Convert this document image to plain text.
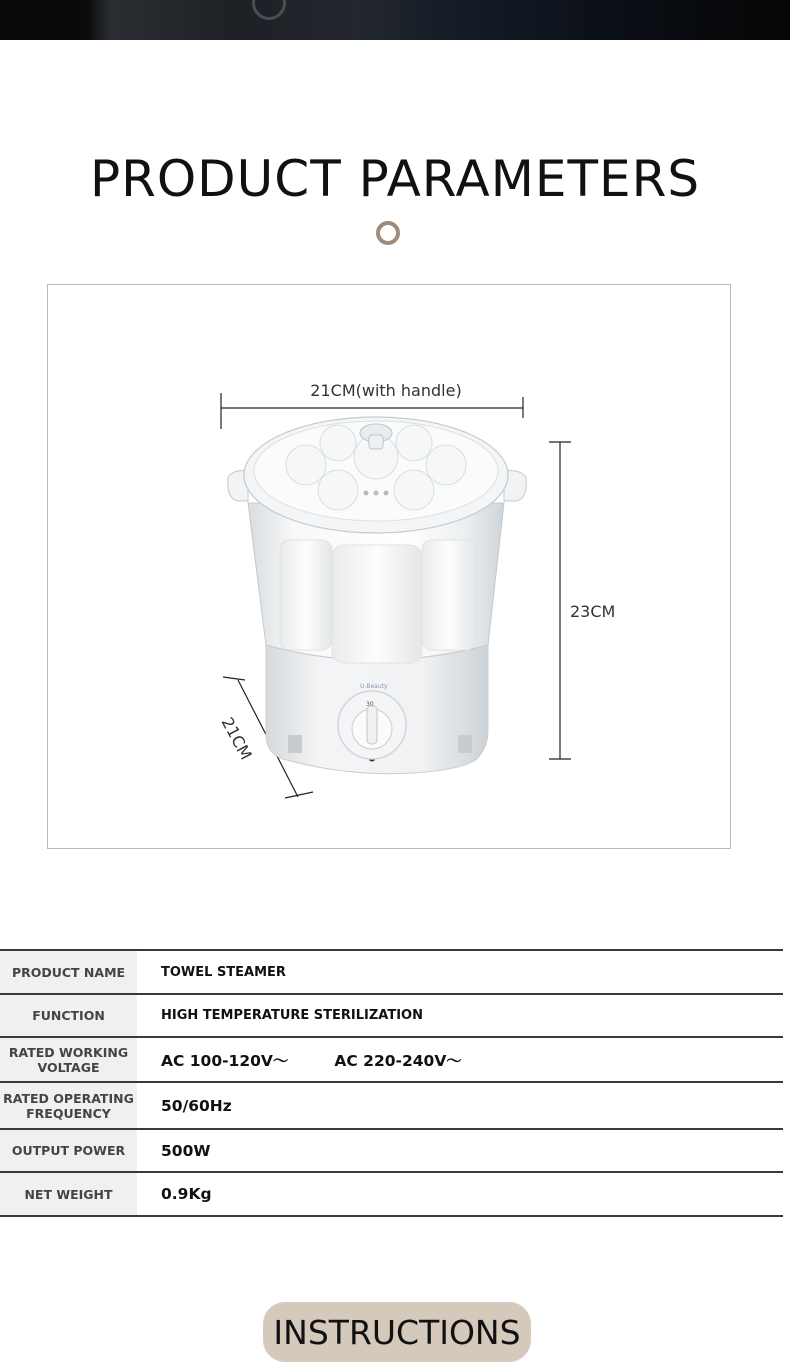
PRODUCT PARAMETERS
U-Beauty
30
21CM(with handle)
23CM
21CM
PRODUCT NAME	TOWEL STEAMER
FUNCTION	HIGH TEMPERATURE STERILIZATION
RATED WORKING VOLTAGE	AC 100-120V〜 AC 220-240V〜
RATED OPERATING FREQUENCY	50/60Hz
OUTPUT POWER	500W
NET WEIGHT	0.9Kg
INSTRUCTIONS
